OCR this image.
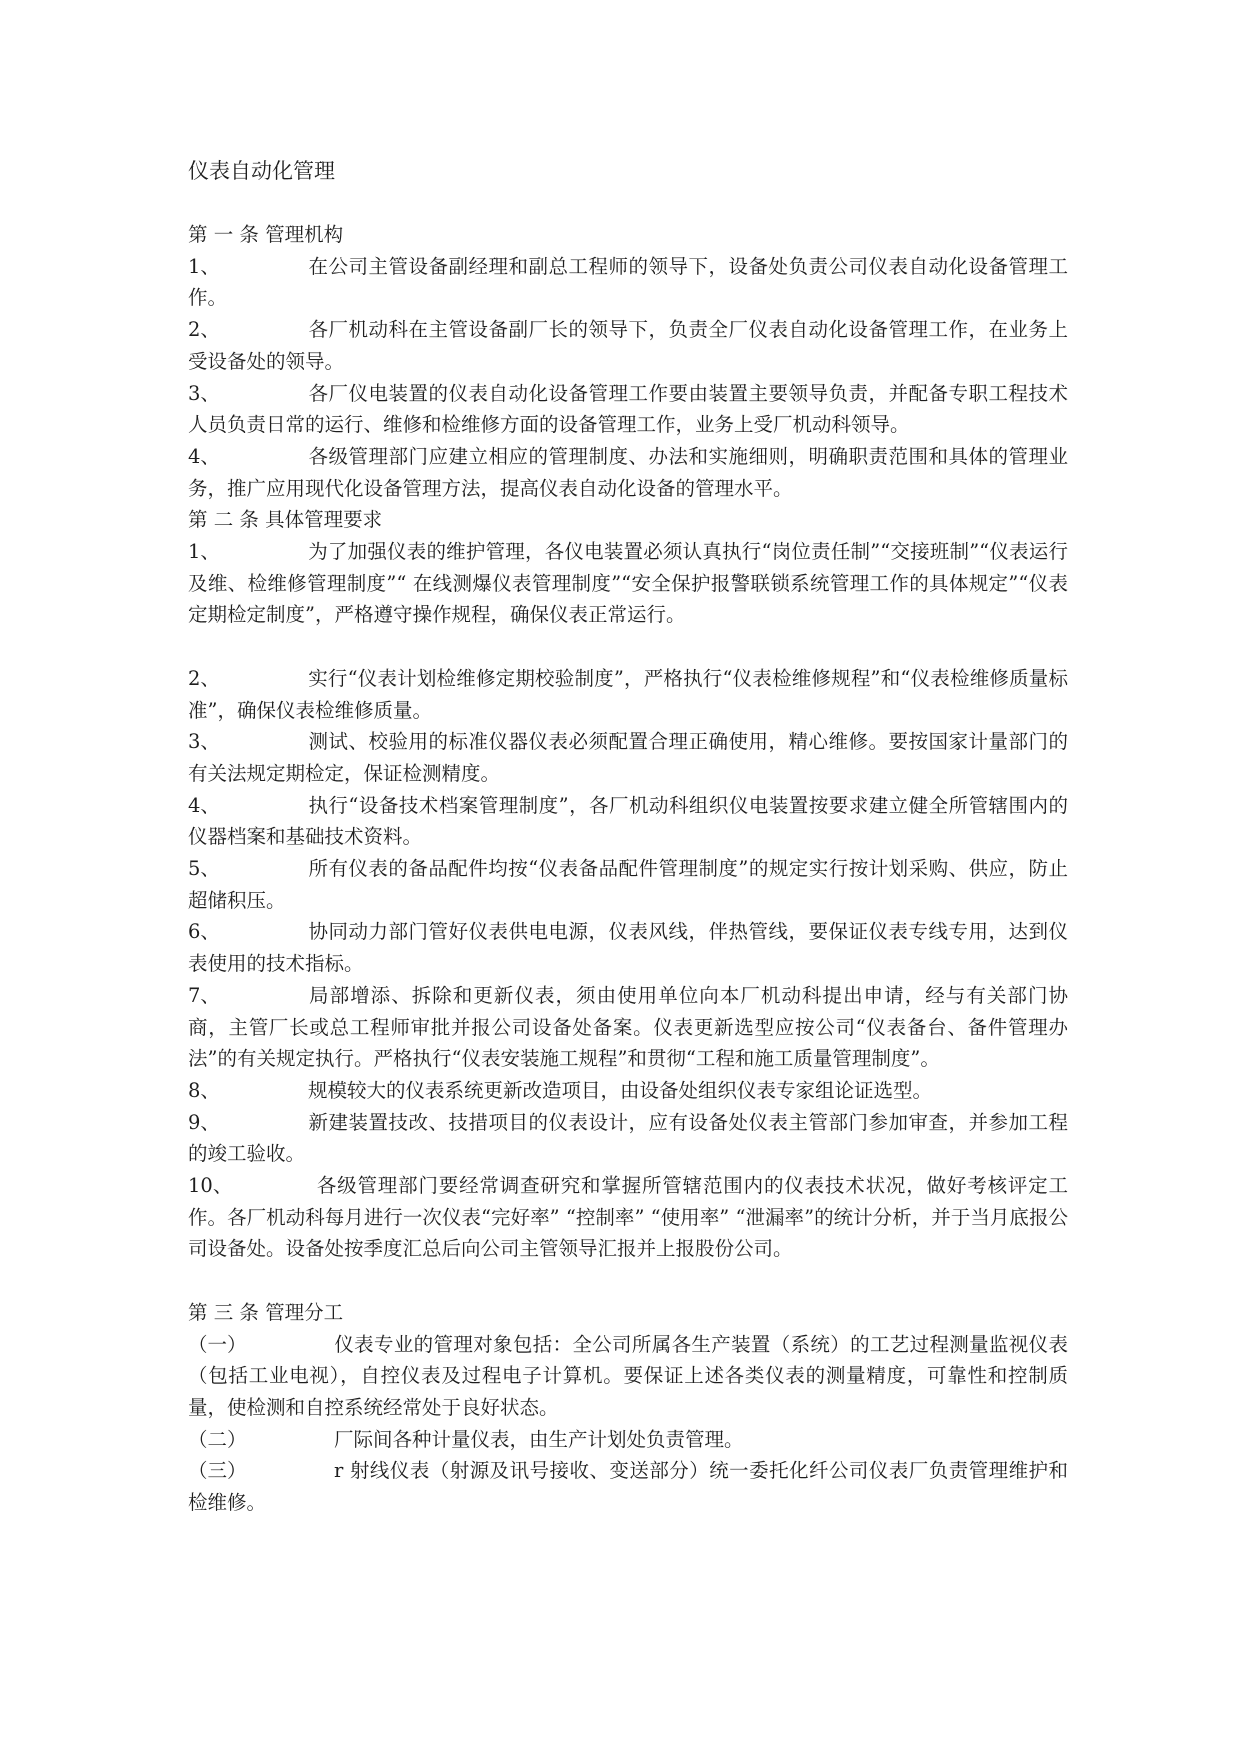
仪表自动化管理
第 一 条 管理机构

1、	在公司主管设备副经理和副总工程师的领导下，设备处负责公司仪表自动化设备管理工作。

2、	各厂机动科在主管设备副厂长的领导下，负责全厂仪表自动化设备管理工作，在业务上受设备处的领导。

3、	各厂仪电装置的仪表自动化设备管理工作要由装置主要领导负责，并配备专职工程技术人员负责日常的运行、维修和检维修方面的设备管理工作，业务上受厂机动科领导。

4、	各级管理部门应建立相应的管理制度、办法和实施细则，明确职责范围和具体的管理业务，推广应用现代化设备管理方法，提高仪表自动化设备的管理水平。

第 二 条 具体管理要求

1、	为了加强仪表的维护管理，各仪电装置必须认真执行“岗位责任制”“交接班制”“仪表运行及维、检维修管理制度”“ 在线测爆仪表管理制度”“安全保护报警联锁系统管理工作的具体规定”“仪表定期检定制度”，严格遵守操作规程，确保仪表正常运行。

2、	实行“仪表计划检维修定期校验制度”，严格执行“仪表检维修规程”和“仪表检维修质量标准”，确保仪表检维修质量。

3、	测试、校验用的标准仪器仪表必须配置合理正确使用，精心维修。要按国家计量部门的有关法规定期检定，保证检测精度。

4、	执行“设备技术档案管理制度”，各厂机动科组织仪电装置按要求建立健全所管辖围内的仪器档案和基础技术资料。

5、	所有仪表的备品配件均按“仪表备品配件管理制度”的规定实行按计划采购、供应，防止超储积压。

6、	协同动力部门管好仪表供电电源，仪表风线，伴热管线，要保证仪表专线专用，达到仪表使用的技术指标。

7、	局部增添、拆除和更新仪表，须由使用单位向本厂机动科提出申请，经与有关部门协商，主管厂长或总工程师审批并报公司设备处备案。仪表更新选型应按公司“仪表备台、备件管理办法”的有关规定执行。严格执行“仪表安装施工规程”和贯彻“工程和施工质量管理制度”。

8、	规模较大的仪表系统更新改造项目，由设备处组织仪表专家组论证选型。

9、	新建装置技改、技措项目的仪表设计，应有设备处仪表主管部门参加审查，并参加工程的竣工验收。

10、	各级管理部门要经常调查研究和掌握所管辖范围内的仪表技术状况，做好考核评定工作。各厂机动科每月进行一次仪表“完好率” “控制率” “使用率” “泄漏率”的统计分析，并于当月底报公司设备处。设备处按季度汇总后向公司主管领导汇报并上报股份公司。

第 三 条 管理分工

（一）	仪表专业的管理对象包括：全公司所属各生产装置（系统）的工艺过程测量监视仪表（包括工业电视），自控仪表及过程电子计算机。要保证上述各类仪表的测量精度，可靠性和控制质量，使检测和自控系统经常处于良好状态。

（二）	厂际间各种计量仪表，由生产计划处负责管理。

（三）	r 射线仪表（射源及讯号接收、变送部分）统一委托化纤公司仪表厂负责管理维护和检维修。
